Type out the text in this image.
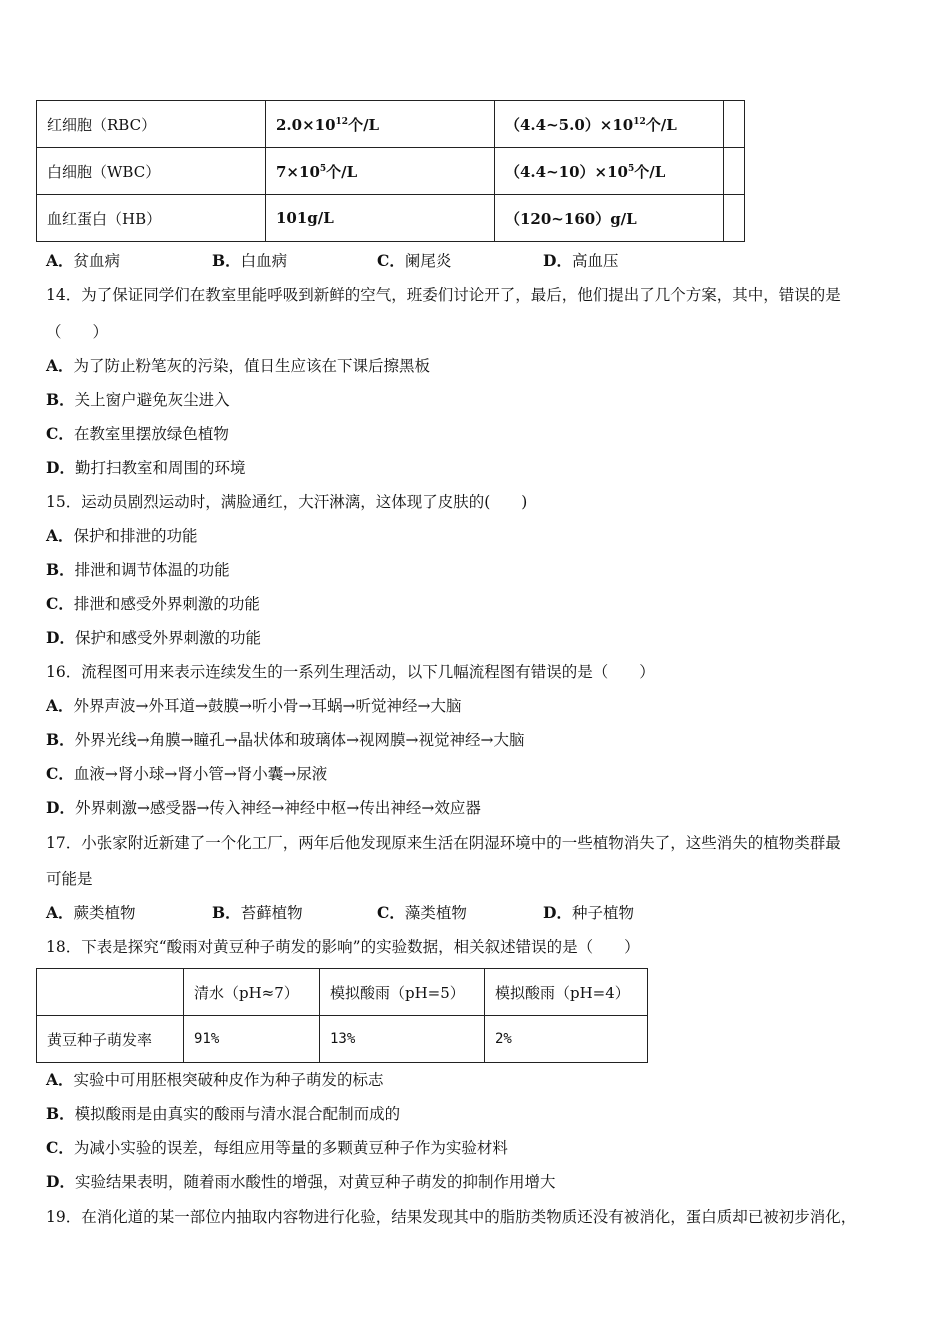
红细胞（RBC）	$2.0\times 10^{12}$个/L	$(4.4\sim 5.0)\times 10^{12}$个/L	
白细胞（WBC）	$7\times 10^5$个/L	$(4.4\sim 10)\times 10^5$个/L	
血红蛋白（HB）	101g/L	（120~160）g/L	
A．贫血病	B．白血病	C．阑尾炎	D．高血压
14．为了保证同学们在教室里能呼吸到新鲜的空气，班委们讨论开了，最后，他们提出了几个方案，其中，错误的是
（　　）
A．为了防止粉笔灰的污染，值日生应该在下课后擦黑板
B．关上窗户避免灰尘进入
C．在教室里摆放绿色植物
D．勤打扫教室和周围的环境
15．运动员剧烈运动时，满脸通红，大汗淋漓，这体现了皮肤的(　　)
A．保护和排泄的功能
B．排泄和调节体温的功能
C．排泄和感受外界刺激的功能
D．保护和感受外界刺激的功能
16．流程图可用来表示连续发生的一系列生理活动，以下几幅流程图有错误的是（　　）
A．外界声波→外耳道→鼓膜→听小骨→耳蜗→听觉神经→大脑
B．外界光线→角膜→瞳孔→晶状体和玻璃体→视网膜→视觉神经→大脑
C．血液→肾小球→肾小管→肾小囊→尿液
D．外界刺激→感受器→传入神经→神经中枢→传出神经→效应器
17．小张家附近新建了一个化工厂，两年后他发现原来生活在阴湿环境中的一些植物消失了，这些消失的植物类群最
可能是
A．蕨类植物	B．苔藓植物	C．藻类植物	D．种子植物
18．下表是探究“酸雨对黄豆种子萌发的影响”的实验数据，相关叙述错误的是（　　）
	清水（pH≈7）	模拟酸雨（pH=5）	模拟酸雨（pH=4）
黄豆种子萌发率	91%	13%	2%
A．实验中可用胚根突破种皮作为种子萌发的标志
B．模拟酸雨是由真实的酸雨与清水混合配制而成的
C．为减小实验的误差，每组应用等量的多颗黄豆种子作为实验材料
D．实验结果表明，随着雨水酸性的增强，对黄豆种子萌发的抑制作用增大
19．在消化道的某一部位内抽取内容物进行化验，结果发现其中的脂肪类物质还没有被消化，蛋白质却已被初步消化，
